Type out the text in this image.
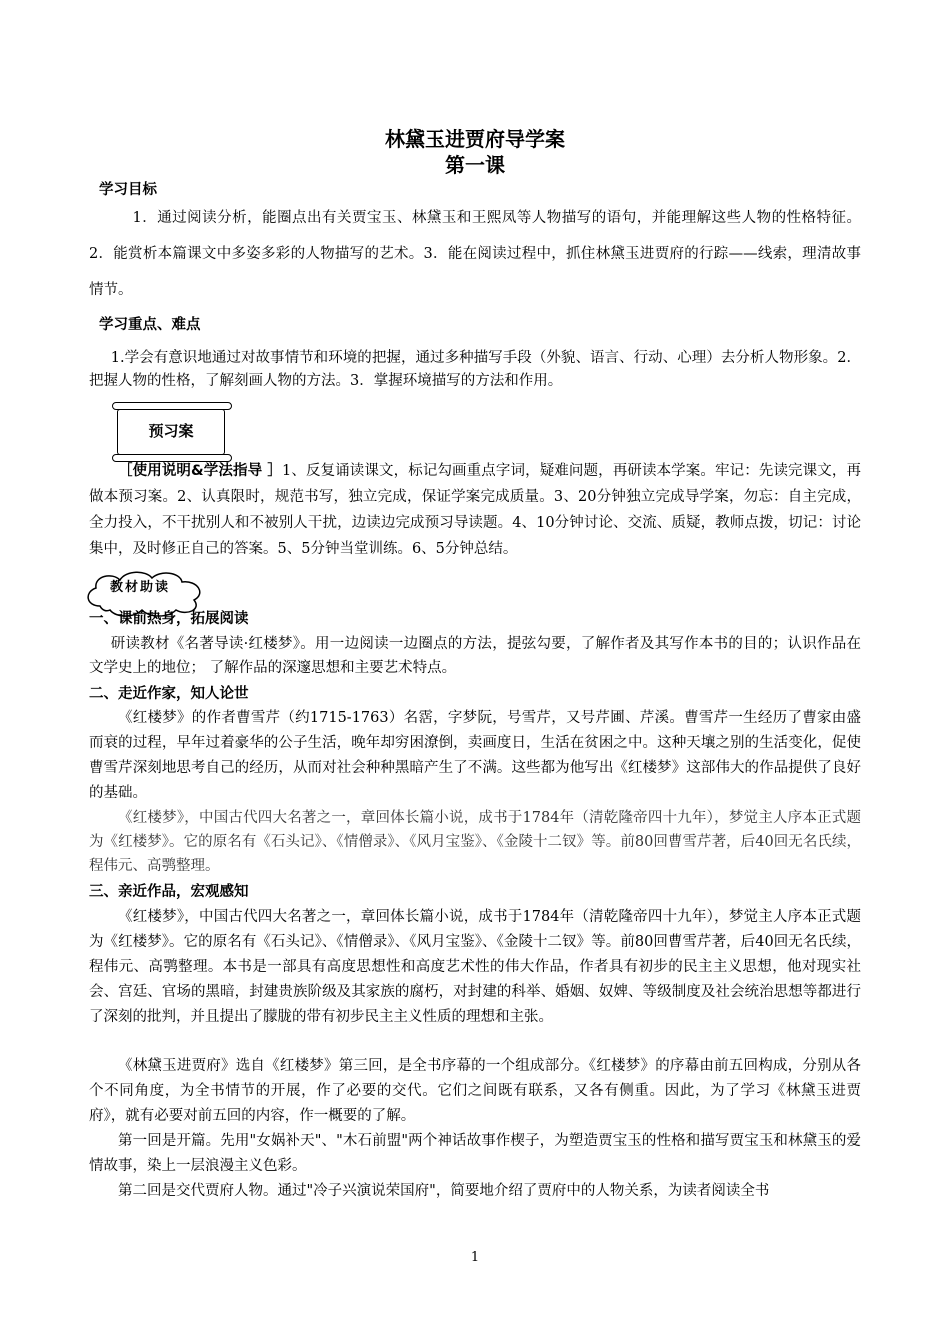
林黛玉进贾府导学案
第一课
学习目标

1．通过阅读分析，能圈点出有关贾宝玉、林黛玉和王熙凤等人物描写的语句，并能理解这些人物的性格特征。2．能赏析本篇课文中多姿多彩的人物描写的艺术。3．能在阅读过程中，抓住林黛玉进贾府的行踪——线索，理清故事情节。

学习重点、难点

1.学会有意识地通过对故事情节和环境的把握，通过多种描写手段（外貌、语言、行动、心理）去分析人物形象。2．把握人物的性格，了解刻画人物的方法。3．掌握环境描写的方法和作用。

预习案

［使用说明&学法指导 ］1、反复诵读课文，标记勾画重点字词，疑难问题，再研读本学案。牢记：先读完课文，再做本预习案。2、认真限时，规范书写，独立完成，保证学案完成质量。3、20分钟独立完成导学案，勿忘：自主完成，全力投入，不干扰别人和不被别人干扰，边读边完成预习导读题。4、10分钟讨论、交流、质疑，教师点拨，切记：讨论集中，及时修正自己的答案。5、5分钟当堂训练。6、5分钟总结。

教材助读
一、课前热身，拓展阅读

研读教材《名著导读·红楼梦》。用一边阅读一边圈点的方法，提弦勾要，了解作者及其写作本书的目的；认识作品在文学史上的地位； 了解作品的深邃思想和主要艺术特点。

二、走近作家，知人论世

《红楼梦》的作者曹雪芹（约1715-1763）名霑，字梦阮，号雪芹，又号芹圃、芹溪。曹雪芹一生经历了曹家由盛而衰的过程，早年过着豪华的公子生活，晚年却穷困潦倒，卖画度日，生活在贫困之中。这种天壤之别的生活变化，促使曹雪芹深刻地思考自己的经历，从而对社会种种黑暗产生了不满。这些都为他写出《红楼梦》这部伟大的作品提供了良好的基础。

《红楼梦》，中国古代四大名著之一，章回体长篇小说，成书于1784年（清乾隆帝四十九年），梦觉主人序本正式题为《红楼梦》。它的原名有《石头记》、《情僧录》、《风月宝鉴》、《金陵十二钗》等。前80回曹雪芹著，后40回无名氏续，程伟元、高鹗整理。

三、亲近作品，宏观感知

《红楼梦》，中国古代四大名著之一，章回体长篇小说，成书于1784年（清乾隆帝四十九年），梦觉主人序本正式题为《红楼梦》。它的原名有《石头记》、《情僧录》、《风月宝鉴》、《金陵十二钗》等。前80回曹雪芹著，后40回无名氏续，程伟元、高鹗整理。本书是一部具有高度思想性和高度艺术性的伟大作品，作者具有初步的民主主义思想，他对现实社会、宫廷、官场的黑暗，封建贵族阶级及其家族的腐朽，对封建的科举、婚姻、奴婢、等级制度及社会统治思想等都进行了深刻的批判，并且提出了朦胧的带有初步民主主义性质的理想和主张。

《林黛玉进贾府》选自《红楼梦》第三回，是全书序幕的一个组成部分。《红楼梦》的序幕由前五回构成，分别从各个不同角度，为全书情节的开展，作了必要的交代。它们之间既有联系，又各有侧重。因此，为了学习《林黛玉进贾府》，就有必要对前五回的内容，作一概要的了解。

第一回是开篇。先用"女娲补天"、"木石前盟"两个神话故事作楔子，为塑造贾宝玉的性格和描写贾宝玉和林黛玉的爱情故事，染上一层浪漫主义色彩。

第二回是交代贾府人物。通过"冷子兴演说荣国府"，简要地介绍了贾府中的人物关系，为读者阅读全书

1
